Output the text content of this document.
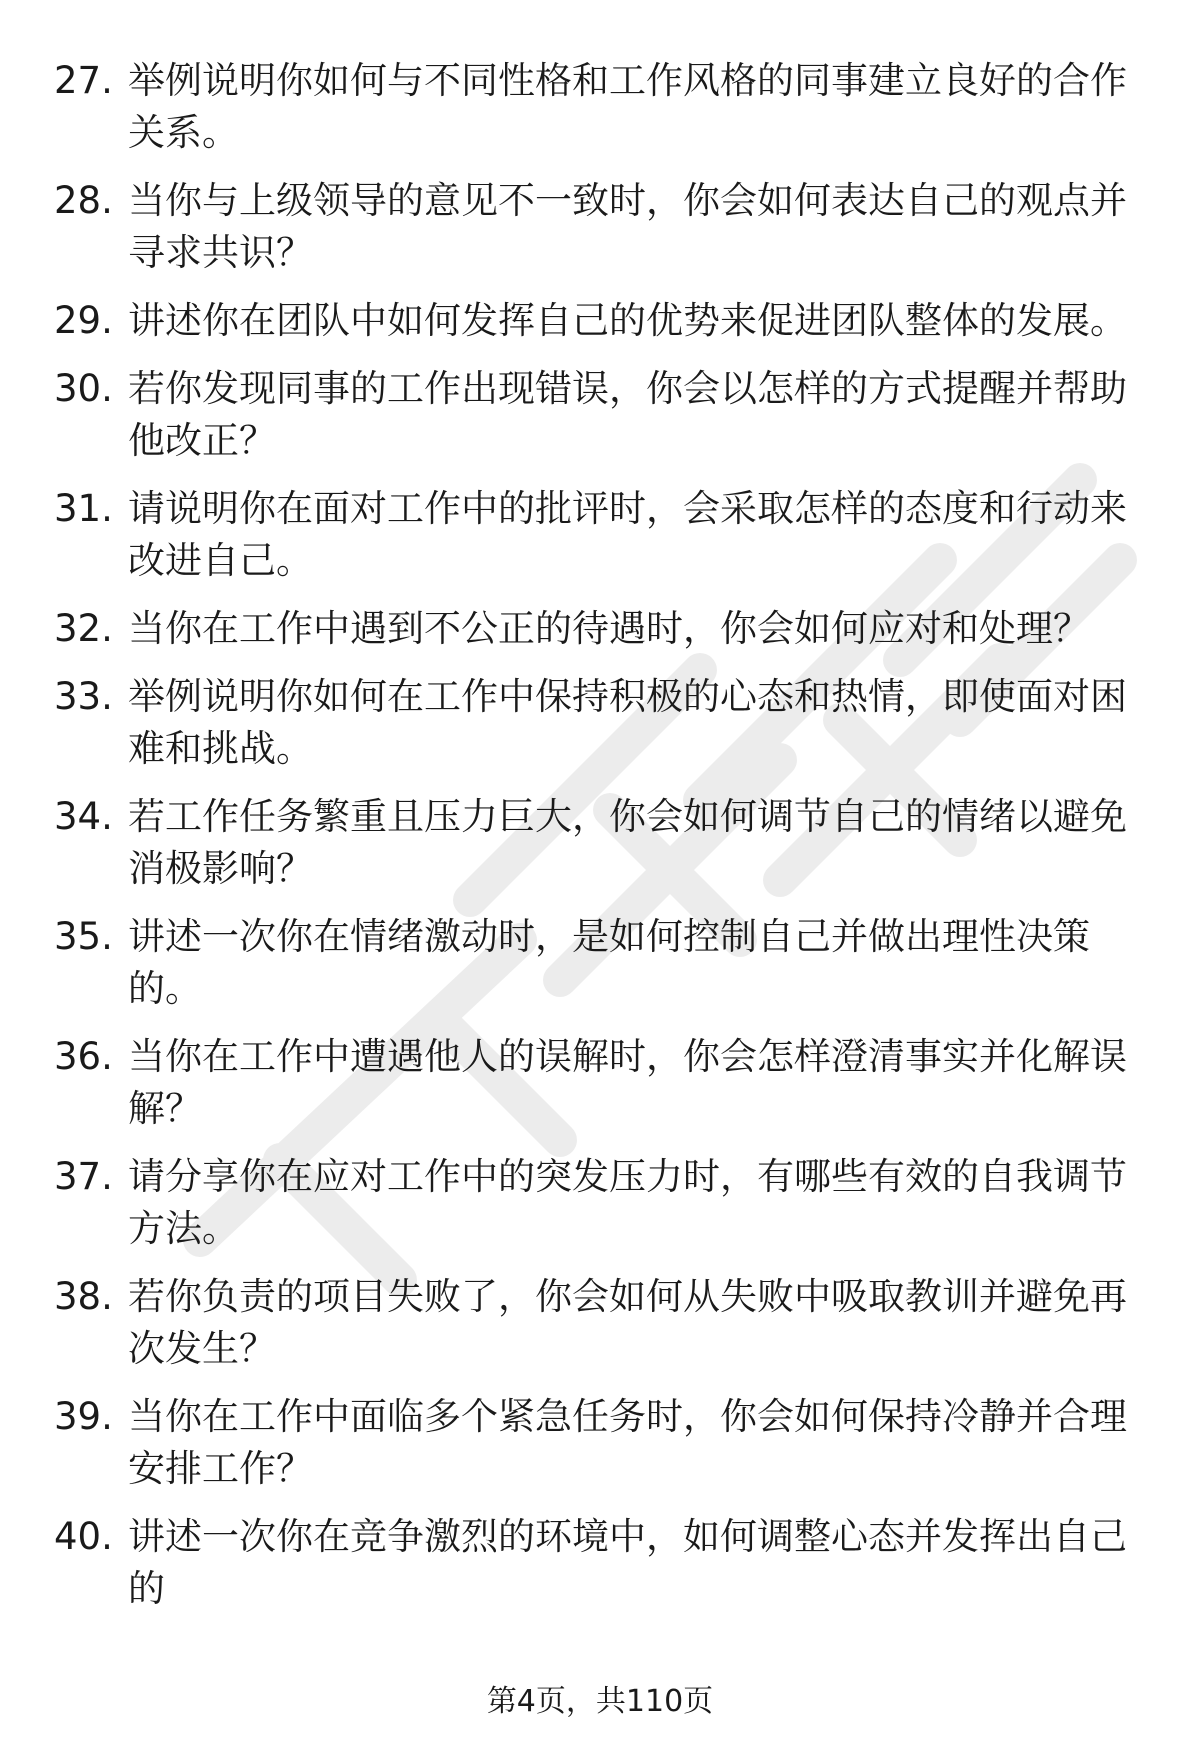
27. 举例说明你如何与不同性格和工作风格的同事建立良好的合作关系。
28. 当你与上级领导的意见不一致时，你会如何表达自己的观点并寻求共识？
29. 讲述你在团队中如何发挥自己的优势来促进团队整体的发展。
30. 若你发现同事的工作出现错误，你会以怎样的方式提醒并帮助他改正？
31. 请说明你在面对工作中的批评时，会采取怎样的态度和行动来改进自己。
32. 当你在工作中遇到不公正的待遇时，你会如何应对和处理？
33. 举例说明你如何在工作中保持积极的心态和热情，即使面对困难和挑战。
34. 若工作任务繁重且压力巨大，你会如何调节自己的情绪以避免消极影响？
35. 讲述一次你在情绪激动时，是如何控制自己并做出理性决策的。
36. 当你在工作中遭遇他人的误解时，你会怎样澄清事实并化解误解？
37. 请分享你在应对工作中的突发压力时，有哪些有效的自我调节方法。
38. 若你负责的项目失败了，你会如何从失败中吸取教训并避免再次发生？
39. 当你在工作中面临多个紧急任务时，你会如何保持冷静并合理安排工作？
40. 讲述一次你在竞争激烈的环境中，如何调整心态并发挥出自己的
第4页，共110页
